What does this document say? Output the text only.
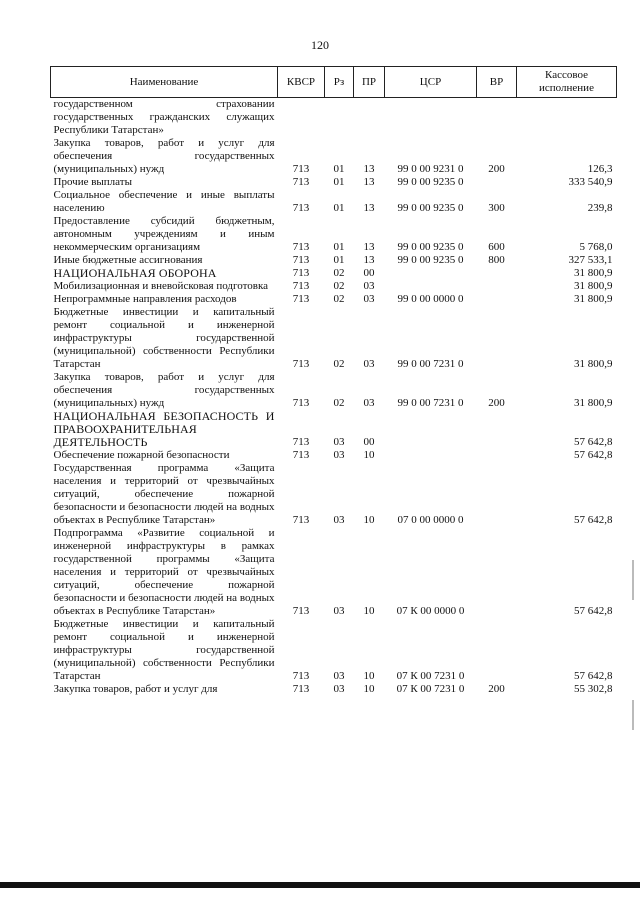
120
Наименование	КВСР	Рз	ПР	ЦСР	ВР	Кассовое исполнение
государственном страховании государственных гражданских служащих Республики Татарстан»						
Закупка товаров, работ и услуг для обеспечения государственных (муниципальных) нужд	713	01	13	99 0 00 9231 0	200	126,3
Прочие выплаты	713	01	13	99 0 00 9235 0		333 540,9
Социальное обеспечение и иные выплаты населению	713	01	13	99 0 00 9235 0	300	239,8
Предоставление субсидий бюджетным, автономным учреждениям и иным некоммерческим организациям	713	01	13	99 0 00 9235 0	600	5 768,0
Иные бюджетные ассигнования	713	01	13	99 0 00 9235 0	800	327 533,1
НАЦИОНАЛЬНАЯ ОБОРОНА	713	02	00			31 800,9
Мобилизационная и вневойсковая подготовка	713	02	03			31 800,9
Непрограммные направления расходов	713	02	03	99 0 00 0000 0		31 800,9
Бюджетные инвестиции и капитальный ремонт социальной и инженерной инфраструктуры государственной (муниципальной) собственности Республики Татарстан	713	02	03	99 0 00 7231 0		31 800,9
Закупка товаров, работ и услуг для обеспечения государственных (муниципальных) нужд	713	02	03	99 0 00 7231 0	200	31 800,9
НАЦИОНАЛЬНАЯ БЕЗОПАСНОСТЬ И ПРАВООХРАНИТЕЛЬНАЯ ДЕЯТЕЛЬНОСТЬ	713	03	00			57 642,8
Обеспечение пожарной безопасности	713	03	10			57 642,8
Государственная программа «Защита населения и территорий от чрезвычайных ситуаций, обеспечение пожарной безопасности и безопасности людей на водных объектах в Республике Татарстан»	713	03	10	07 0 00 0000 0		57 642,8
Подпрограмма «Развитие социальной и инженерной инфраструктуры в рамках государственной программы «Защита населения и территорий от чрезвычайных ситуаций, обеспечение пожарной безопасности и безопасности людей на водных объектах в Республике Татарстан»	713	03	10	07 К 00 0000 0		57 642,8
Бюджетные инвестиции и капитальный ремонт социальной и инженерной инфраструктуры государственной (муниципальной) собственности Республики Татарстан	713	03	10	07 К 00 7231 0		57 642,8
Закупка товаров, работ и услуг для	713	03	10	07 К 00 7231 0	200	55 302,8
